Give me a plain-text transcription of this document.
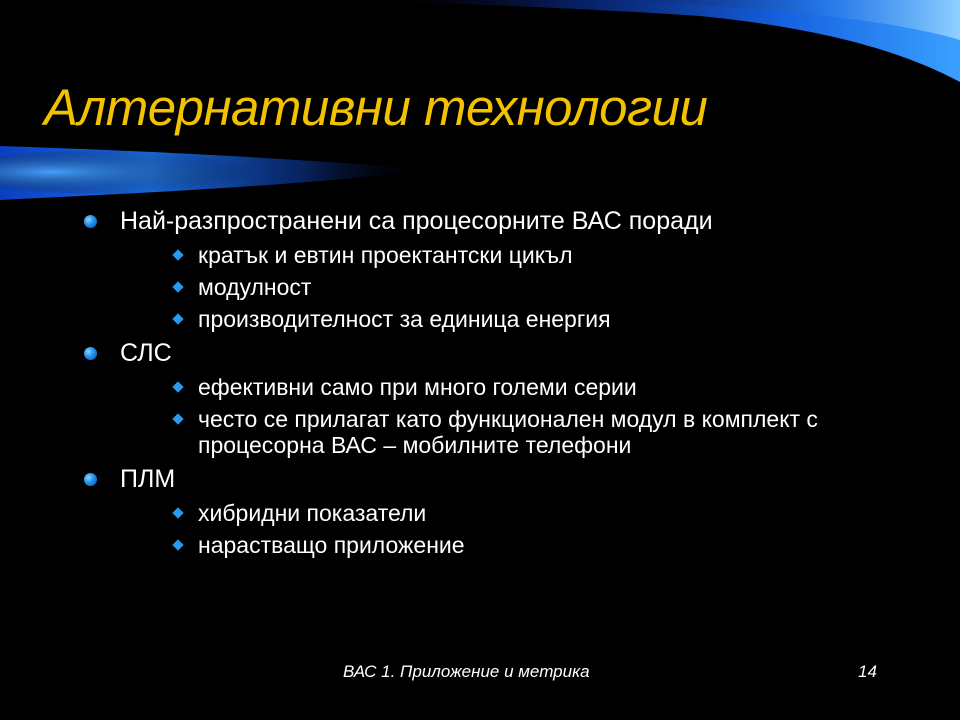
Алтернативни технологии
Най-разпространени са процесорните ВАС поради
кратък и евтин проектантски цикъл
модулност
производителност за единица енергия
СЛС
ефективни само при много големи серии
често се прилагат като функционален модул в комплект с процесорна ВАС – мобилните телефони
ПЛМ
хибридни показатели
нарастващо приложение
ВАС 1. Приложение и метрика	14
